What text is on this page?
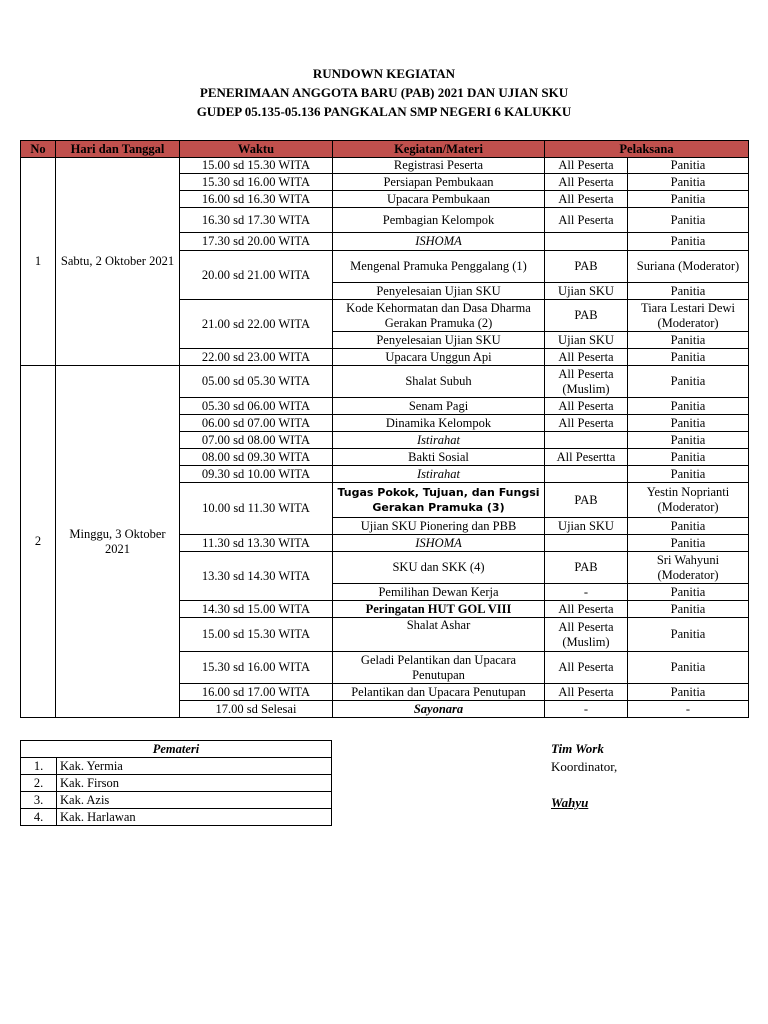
RUNDOWN KEGIATAN
PENERIMAAN ANGGOTA BARU (PAB) 2021 DAN UJIAN SKU
GUDEP 05.135-05.136 PANGKALAN SMP NEGERI 6 KALUKKU
No	Hari dan Tanggal	Waktu	Kegiatan/Materi	Pelaksana	
1	Sabtu, 2 Oktober 2021	15.00 sd 15.30 WITA	Registrasi Peserta	All Peserta	Panitia
		15.30 sd 16.00 WITA	Persiapan Pembukaan	All Peserta	Panitia
		16.00 sd 16.30 WITA	Upacara Pembukaan	All Peserta	Panitia
		16.30 sd 17.30 WITA	Pembagian Kelompok	All Peserta	Panitia
		17.30 sd 20.00 WITA	ISHOMA		Panitia
		20.00 sd 21.00 WITA	Mengenal Pramuka Penggalang (1)	PAB	Suriana (Moderator)
			Penyelesaian Ujian SKU	Ujian SKU	Panitia
		21.00 sd 22.00 WITA	Kode Kehormatan dan Dasa Dharma Gerakan Pramuka (2)	PAB	Tiara Lestari Dewi (Moderator)
			Penyelesaian Ujian SKU	Ujian SKU	Panitia
		22.00 sd 23.00 WITA	Upacara Unggun Api	All Peserta	Panitia
2	Minggu, 3 Oktober 2021	05.00 sd 05.30 WITA	Shalat Subuh	All Peserta (Muslim)	Panitia
		05.30 sd 06.00 WITA	Senam Pagi	All Peserta	Panitia
		06.00 sd 07.00 WITA	Dinamika Kelompok	All Peserta	Panitia
		07.00 sd 08.00 WITA	Istirahat		Panitia
		08.00 sd 09.30 WITA	Bakti Sosial	All Pesertta	Panitia
		09.30 sd 10.00 WITA	Istirahat		Panitia
		10.00 sd 11.30 WITA	Tugas Pokok, Tujuan, dan Fungsi Gerakan Pramuka (3)	PAB	Yestin Noprianti (Moderator)
			Ujian SKU Pionering dan PBB	Ujian SKU	Panitia
		11.30 sd 13.30 WITA	ISHOMA		Panitia
		13.30 sd 14.30 WITA	SKU dan SKK (4)	PAB	Sri Wahyuni (Moderator)
			Pemilihan Dewan Kerja	-	Panitia
		14.30 sd 15.00 WITA	Peringatan HUT GOL VIII	All Peserta	Panitia
		15.00 sd 15.30 WITA	Shalat Ashar	All Peserta (Muslim)	Panitia
		15.30 sd 16.00 WITA	Geladi Pelantikan dan Upacara Penutupan	All Peserta	Panitia
		16.00 sd 17.00 WITA	Pelantikan dan Upacara Penutupan	All Peserta	Panitia
		17.00 sd Selesai	Sayonara	-	-
Pemateri	
1.	Kak. Yermia
2.	Kak. Firson
3.	Kak. Azis
4.	Kak. Harlawan
Tim Work
Koordinator,
Wahyu
